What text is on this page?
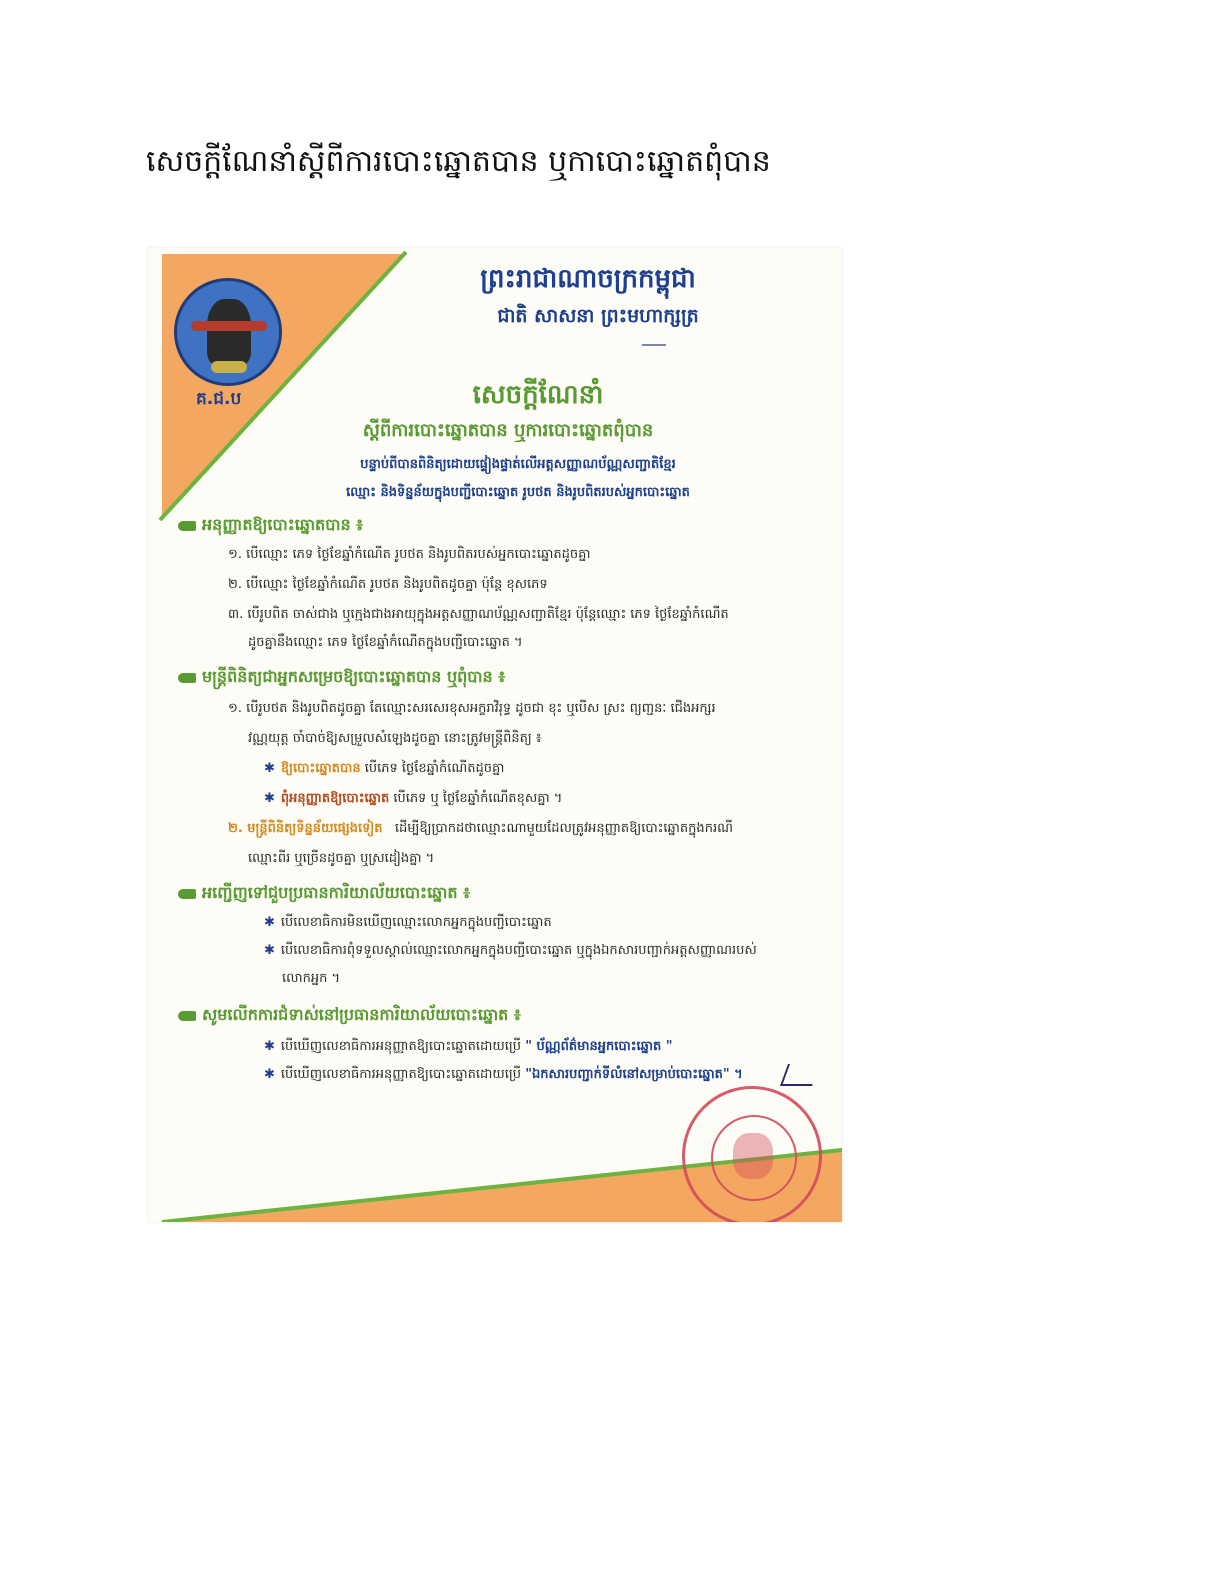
សេចក្តីណែនាំស្តីពីការបោះឆ្នោតបាន ឬកាបោះឆ្នោតពុំបាន
គ.ជ.ប
ព្រះរាជាណាចក្រកម្ពុជា
ជាតិ សាសនា ព្រះមហាក្សត្រ
សេចក្តីណែនាំ
ស្តីពីការបោះឆ្នោតបាន ឬការបោះឆ្នោតពុំបាន
បន្ទាប់ពីបានពិនិត្យដោយផ្ទៀងផ្ទាត់លើអត្តសញ្ញាណប័ណ្ណសញ្ជាតិខ្មែរ
ឈ្មោះ និងទិន្នន័យក្នុងបញ្ជីបោះឆ្នោត រូបថត និងរូបពិតរបស់អ្នកបោះឆ្នោត
អនុញ្ញាតឱ្យបោះឆ្នោតបាន ៖
១. បើឈ្មោះ ភេទ ថ្ងៃខែឆ្នាំកំណើត រូបថត និងរូបពិតរបស់អ្នកបោះឆ្នោតដូចគ្នា
២. បើឈ្មោះ ថ្ងៃខែឆ្នាំកំណើត រូបថត និងរូបពិតដូចគ្នា ប៉ុន្តែ ខុសភេទ
៣. បើរូបពិត ចាស់ជាង ឬក្មេងជាងអាយុក្នុងអត្តសញ្ញាណប័ណ្ណសញ្ជាតិខ្មែរ ប៉ុន្តែឈ្មោះ ភេទ ថ្ងៃខែឆ្នាំកំណើត
ដូចគ្នានឹងឈ្មោះ ភេទ ថ្ងៃខែឆ្នាំកំណើតក្នុងបញ្ជីបោះឆ្នោត ។
មន្ត្រីពិនិត្យជាអ្នកសម្រេចឱ្យបោះឆ្នោតបាន ឬពុំបាន ៖
១. បើរូបថត និងរូបពិតដូចគ្នា តែឈ្មោះសរសេរខុសអក្ខរាវិរុទ្ធ ដូចជា ខុះ ឬបើស ស្រះ ព្យញ្ជនៈ ជើងអក្សរ
វណ្ណយុត្ត ចាំបាច់ឱ្យសម្រួលសំឡេងដូចគ្នា នោះត្រូវមន្ត្រីពិនិត្យ ៖
✱ ឱ្យបោះឆ្នោតបាន បើភេទ ថ្ងៃខែឆ្នាំកំណើតដូចគ្នា
✱ ពុំអនុញ្ញាតឱ្យបោះឆ្នោត បើភេទ ឬ ថ្ងៃខែឆ្នាំកំណើតខុសគ្នា ។
២. មន្ត្រីពិនិត្យទិន្នន័យផ្សេងទៀត ដើម្បីឱ្យប្រាកដថាឈ្មោះណាមួយដែលត្រូវអនុញ្ញាតឱ្យបោះឆ្នោតក្នុងករណី
ឈ្មោះពីរ ឬច្រើនដូចគ្នា ឬស្រដៀងគ្នា ។
អញ្ជើញទៅជួបប្រធានការិយាល័យបោះឆ្នោត ៖
✱ បើលេខាធិការមិនឃើញឈ្មោះលោកអ្នកក្នុងបញ្ជីបោះឆ្នោត
✱ បើលេខាធិការពុំទទួលស្គាល់ឈ្មោះលោកអ្នកក្នុងបញ្ជីបោះឆ្នោត ឬក្នុងឯកសារបញ្ជាក់អត្តសញ្ញាណរបស់
លោកអ្នក ។
សូមលើកការជំទាស់នៅប្រធានការិយាល័យបោះឆ្នោត ៖
✱ បើឃើញលេខាធិការអនុញ្ញាតឱ្យបោះឆ្នោតដោយប្រើ " ប័ណ្ណព័ត៌មានអ្នកបោះឆ្នោត "
✱ បើឃើញលេខាធិការអនុញ្ញាតឱ្យបោះឆ្នោតដោយប្រើ "ឯកសារបញ្ជាក់ទីលំនៅសម្រាប់បោះឆ្នោត" ។
